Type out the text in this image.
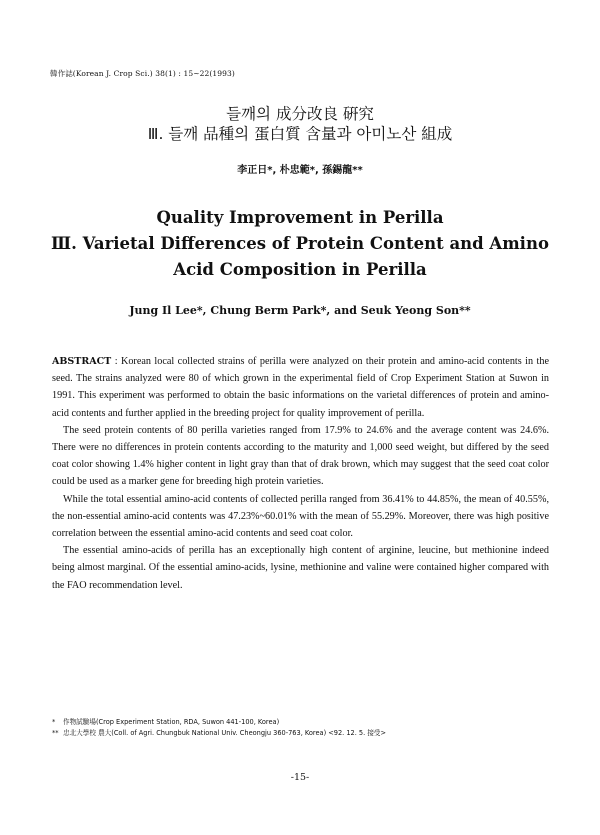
韓作誌(Korean J. Crop Sci.) 38(1) : 15~22(1993)
들깨의 成分改良 硏究
Ⅲ. 들깨 品種의 蛋白質 含量과 아미노산 組成
李正日*, 朴忠範*, 孫錫龍**
Quality Improvement in Perilla
Ⅲ. Varietal Differences of Protein Content and Amino
Acid Composition in Perilla
Jung Il Lee*, Chung Berm Park*, and Seuk Yeong Son**

ABSTRACT : Korean local collected strains of perilla were analyzed on their protein and amino-acid contents in the seed. The strains analyzed were 80 of which grown in the experimental field of Crop Experiment Station at Suwon in 1991. This experiment was performed to obtain the basic informations on the varietal differences of protein and amino-acid contents and further applied in the breeding project for quality improvement of perilla.

The seed protein contents of 80 perilla varieties ranged from 17.9% to 24.6% and the average content was 24.6%. There were no differences in protein contents according to the maturity and 1,000 seed weight, but differed by the seed coat color showing 1.4% higher content in light gray than that of drak brown, which may suggest that the seed coat color could be used as a marker gene for breeding high protein varieties.

While the total essential amino-acid contents of collected perilla ranged from 36.41% to 44.85%, the mean of 40.55%, the non-essential amino-acid contents was 47.23%~60.01% with the mean of 55.29%. Moreover, there was high positive correlation between the essential amino-acid contents and seed coat color.

The essential amino-acids of perilla has an exceptionally high content of arginine, leucine, but methionine indeed being almost marginal. Of the essential amino-acids, lysine, methionine and valine were contained higher compared with the FAO recommendation level.

* 作物試驗場(Crop Experiment Station, RDA, Suwon 441-100, Korea)
** 忠北大學校 農大(Coll. of Agri. Chungbuk National Univ. Cheongju 360-763, Korea) <92. 12. 5. 接受>
-15-
